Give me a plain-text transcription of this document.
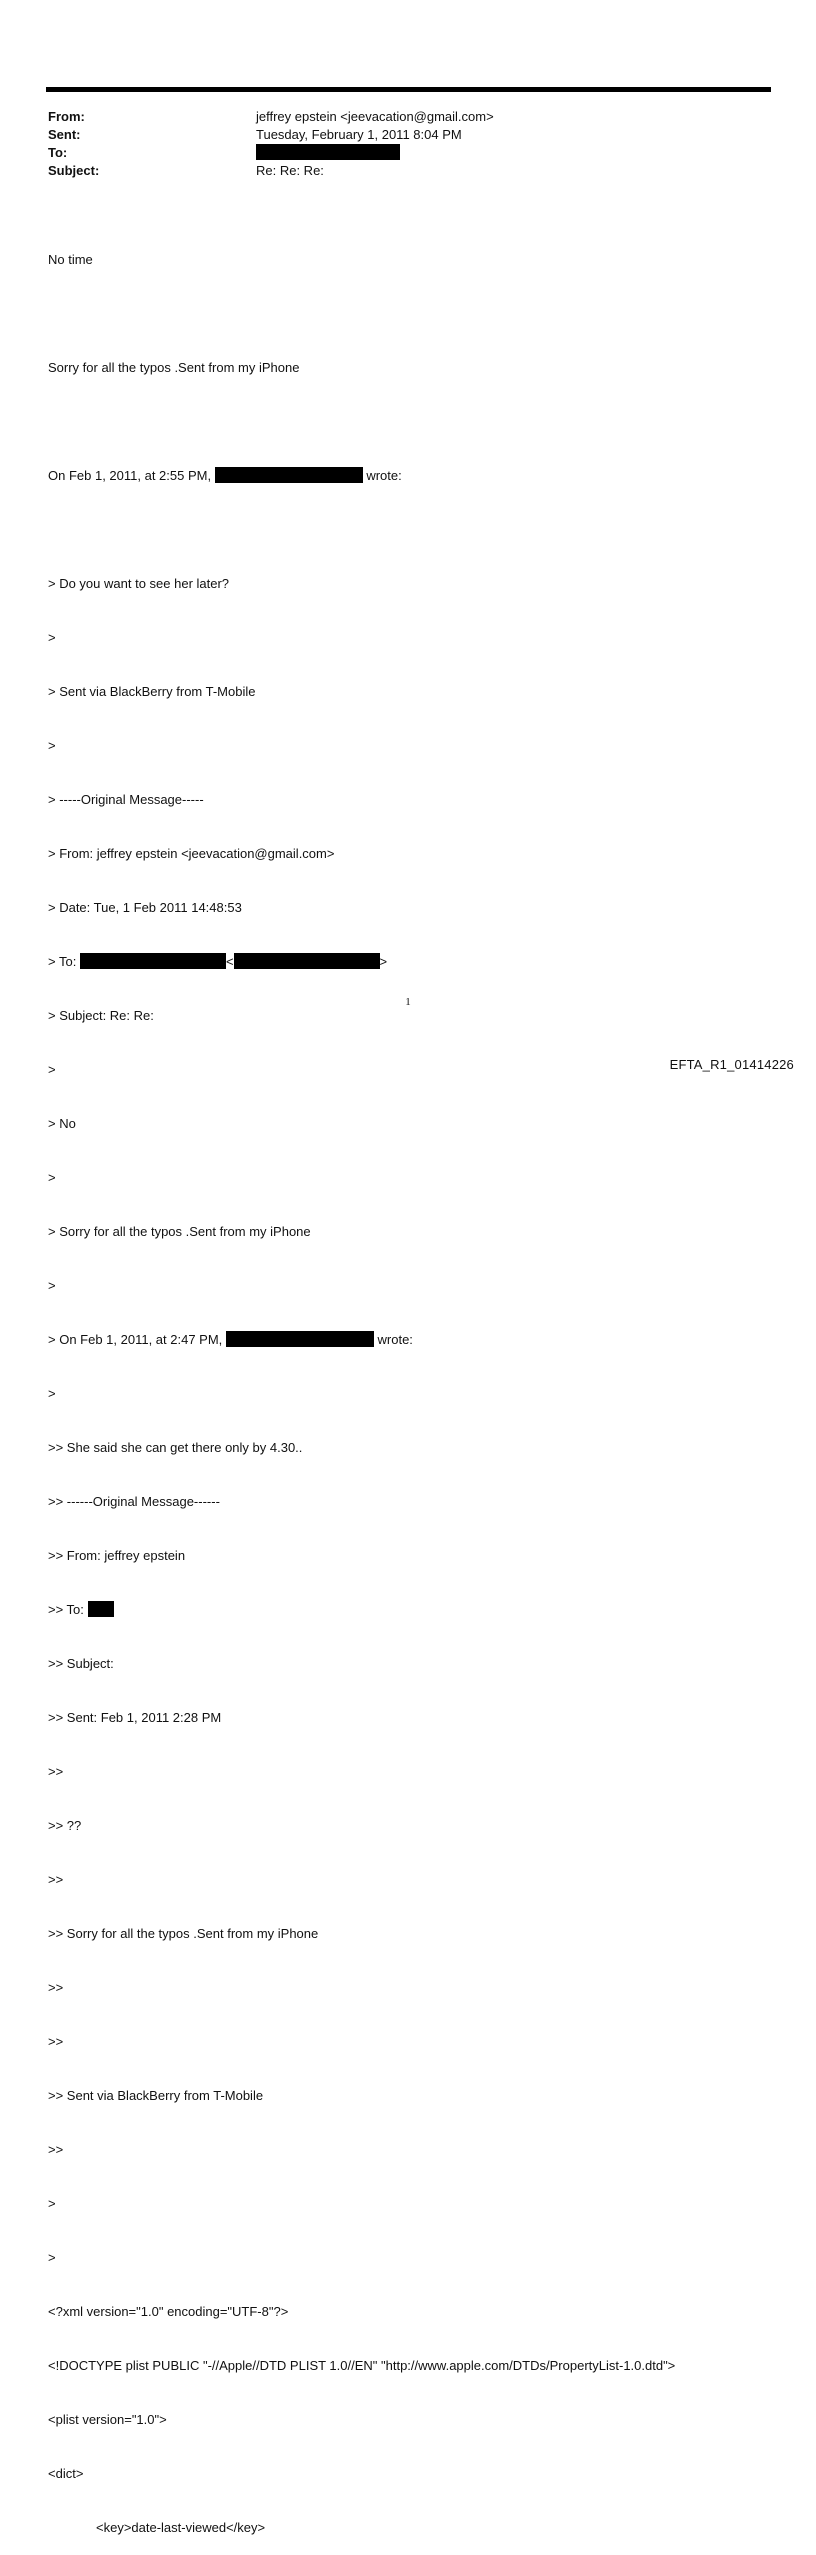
From:	jeffrey epstein <jeevacation@gmail.com>
Sent:	Tuesday, February 1, 2011 8:04 PM
To:
Subject:	Re: Re: Re:

No time

Sorry for all the typos .Sent from my iPhone

On Feb 1, 2011, at 2:55 PM,	wrote:

> Do you want to see her later?

>

> Sent via BlackBerry from T-Mobile

>

> -----Original Message-----

> From: jeffrey epstein <jeevacation@gmail.com>

> Date: Tue, 1 Feb 2011 14:48:53

> To:	<	>

> Subject: Re: Re:

>

> No

>

> Sorry for all the typos .Sent from my iPhone

>

> On Feb 1, 2011, at 2:47 PM,	wrote:

>

>> She said she can get there only by 4.30..

>> ------Original Message------

>> From: jeffrey epstein

>> To:

>> Subject:

>> Sent: Feb 1, 2011 2:28 PM

>>

>> ??

>>

>> Sorry for all the typos .Sent from my iPhone

>>

>>

>> Sent via BlackBerry from T-Mobile

>>

>

>

<?xml version="1.0" encoding="UTF-8"?>

<!DOCTYPE plist PUBLIC "-//Apple//DTD PLIST 1.0//EN" "http://www.apple.com/DTDs/PropertyList-1.0.dtd">

<plist version="1.0">

<dict>

<key>date-last-viewed</key>

1
EFTA_R1_01414226
